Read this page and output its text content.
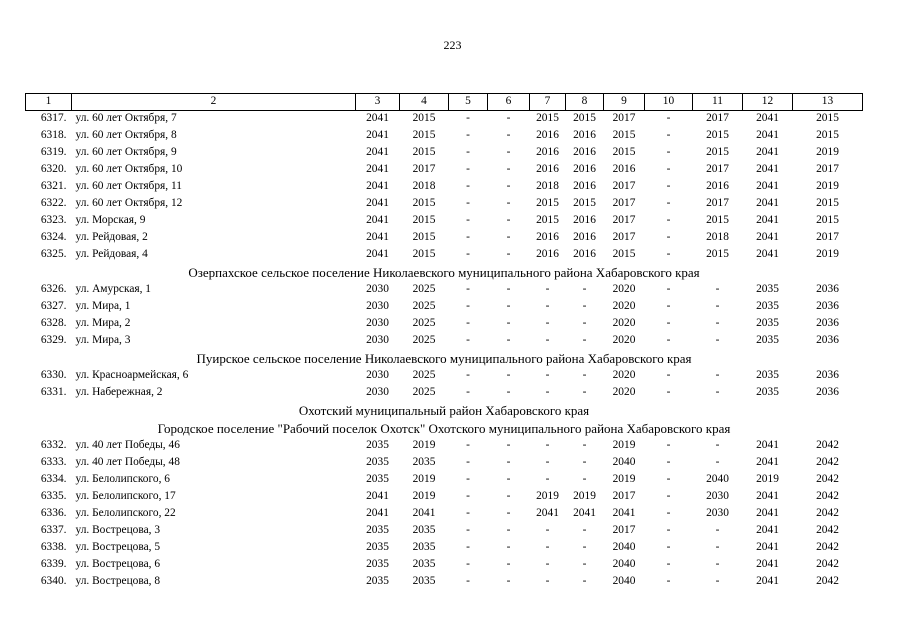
223
1	2	3	4	5	6	7	8	9	10	11	12	13
6317.	ул. 60 лет Октября, 7	2041	2015	-	-	2015	2015	2017	-	2017	2041	2015
6318.	ул. 60 лет Октября, 8	2041	2015	-	-	2016	2016	2015	-	2015	2041	2015
6319.	ул. 60 лет Октября, 9	2041	2015	-	-	2016	2016	2015	-	2015	2041	2019
6320.	ул. 60 лет Октября, 10	2041	2017	-	-	2016	2016	2016	-	2017	2041	2017
6321.	ул. 60 лет Октября, 11	2041	2018	-	-	2018	2016	2017	-	2016	2041	2019
6322.	ул. 60 лет Октября, 12	2041	2015	-	-	2015	2015	2017	-	2017	2041	2015
6323.	ул. Морская, 9	2041	2015	-	-	2015	2016	2017	-	2015	2041	2015
6324.	ул. Рейдовая, 2	2041	2015	-	-	2016	2016	2017	-	2018	2041	2017
6325.	ул. Рейдовая, 4	2041	2015	-	-	2016	2016	2015	-	2015	2041	2019
Озерпахское сельское поселение Николаевского муниципального района Хабаровского края												
6326.	ул. Амурская, 1	2030	2025	-	-	-	-	2020	-	-	2035	2036
6327.	ул. Мира, 1	2030	2025	-	-	-	-	2020	-	-	2035	2036
6328.	ул. Мира, 2	2030	2025	-	-	-	-	2020	-	-	2035	2036
6329.	ул. Мира, 3	2030	2025	-	-	-	-	2020	-	-	2035	2036
Пуирское сельское поселение Николаевского муниципального района Хабаровского края												
6330.	ул. Красноармейская, 6	2030	2025	-	-	-	-	2020	-	-	2035	2036
6331.	ул. Набережная, 2	2030	2025	-	-	-	-	2020	-	-	2035	2036
Охотский муниципальный район Хабаровского края												
Городское поселение "Рабочий поселок Охотск" Охотского муниципального района Хабаровского края												
6332.	ул. 40 лет Победы, 46	2035	2019	-	-	-	-	2019	-	-	2041	2042
6333.	ул. 40 лет Победы, 48	2035	2035	-	-	-	-	2040	-	-	2041	2042
6334.	ул. Белолипского, 6	2035	2019	-	-	-	-	2019	-	2040	2019	2042
6335.	ул. Белолипского, 17	2041	2019	-	-	2019	2019	2017	-	2030	2041	2042
6336.	ул. Белолипского, 22	2041	2041	-	-	2041	2041	2041	-	2030	2041	2042
6337.	ул. Вострецова, 3	2035	2035	-	-	-	-	2017	-	-	2041	2042
6338.	ул. Вострецова, 5	2035	2035	-	-	-	-	2040	-	-	2041	2042
6339.	ул. Вострецова, 6	2035	2035	-	-	-	-	2040	-	-	2041	2042
6340.	ул. Вострецова, 8	2035	2035	-	-	-	-	2040	-	-	2041	2042
